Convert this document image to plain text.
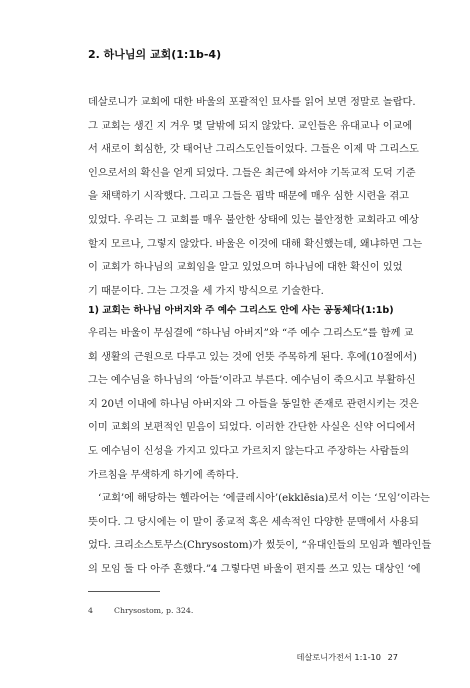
2. 하나님의 교회(1:1b-4)
데살로니가 교회에 대한 바울의 포괄적인 묘사를 읽어 보면 정말로 놀랍다.
그 교회는 생긴 지 겨우 몇 달밖에 되지 않았다. 교인들은 유대교나 이교에
서 새로이 회심한, 갓 태어난 그리스도인들이었다. 그들은 이제 막 그리스도
인으로서의 확신을 얻게 되었다. 그들은 최근에 와서야 기독교적 도덕 기준
을 채택하기 시작했다. 그리고 그들은 핍박 때문에 매우 심한 시련을 겪고
있었다. 우리는 그 교회를 매우 불안한 상태에 있는 불안정한 교회라고 예상
할지 모르나, 그렇지 않았다. 바울은 이것에 대해 확신했는데, 왜냐하면 그는
이 교회가 하나님의 교회임을 알고 있었으며 하나님에 대한 확신이 있었
기 때문이다. 그는 그것을 세 가지 방식으로 기술한다.
1) 교회는 하나님 아버지와 주 예수 그리스도 안에 사는 공동체다(1:1b)
우리는 바울이 무심결에 “하나님 아버지”와 “주 예수 그리스도”를 함께 교
회 생활의 근원으로 다루고 있는 것에 언뜻 주목하게 된다. 후에(10절에서)
그는 예수님을 하나님의 ‘아들’이라고 부른다. 예수님이 죽으시고 부활하신
지 20년 이내에 하나님 아버지와 그 아들을 동일한 존재로 관련시키는 것은
이미 교회의 보편적인 믿음이 되었다. 이러한 간단한 사실은 신약 어디에서
도 예수님이 신성을 가지고 있다고 가르치지 않는다고 주장하는 사람들의
가르침을 무색하게 하기에 족하다.
‘교회’에 해당하는 헬라어는 ‘에클레시아’(ekklēsia)로서 이는 ‘모임’이라는
뜻이다. 그 당시에는 이 말이 종교적 혹은 세속적인 다양한 문맥에서 사용되
었다. 크리소스토무스(Chrysostom)가 썼듯이, “유대인들의 모임과 헬라인들
의 모임 둘 다 아주 흔했다.”4 그렇다면 바울이 편지를 쓰고 있는 대상인 ‘에
4	Chrysostom, p. 324.
데살로니가전서 1:1-10 27
